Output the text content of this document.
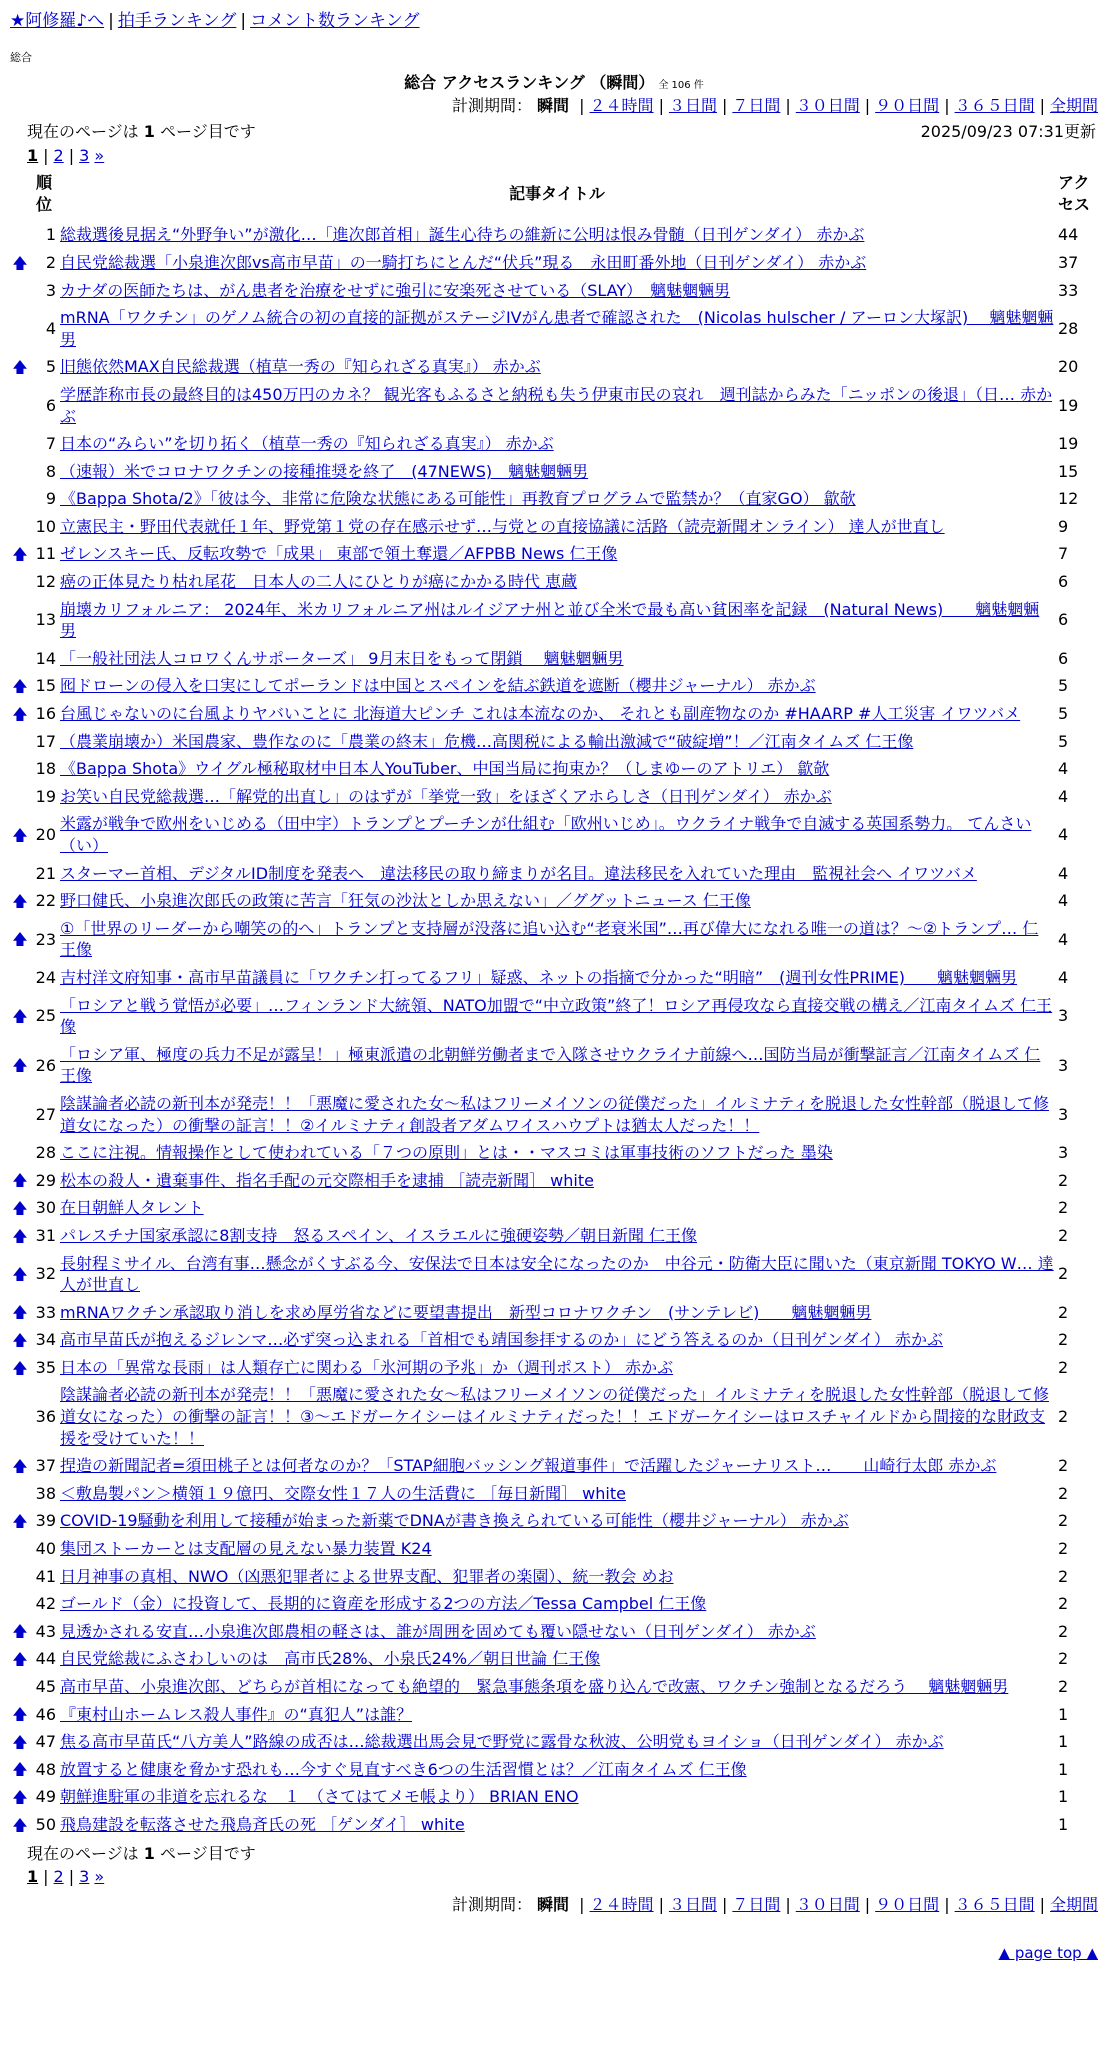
★阿修羅♪へ | 拍手ランキング | コメント数ランキング
総合
総合 アクセスランキング （瞬間） 全 106 件
計測期間： 瞬間 | ２４時間 | ３日間 | ７日間 | ３０日間 | ９０日間 | ３６５日間 | 全期間
現在のページは 1 ページ目です	2025/09/23 07:31更新
1 | 2 | 3 »
	順位	記事タイトル	アクセス
	1	総裁選後見据え“外野争い”が激化…「進次郎首相」誕生心待ちの維新に公明は恨み骨髄（日刊ゲンダイ） 赤かぶ	44
🡅	2	自民党総裁選「小泉進次郎vs高市早苗」の一騎打ちにとんだ“伏兵”現る　永田町番外地（日刊ゲンダイ） 赤かぶ	37
	3	カナダの医師たちは、がん患者を治療をせずに強引に安楽死させている（SLAY）　魑魅魍魎男	33
	4	mRNA「ワクチン」のゲノム統合の初の直接的証拠がステージIVがん患者で確認された　(Nicolas hulscher / アーロン大塚訳)　 魑魅魍魎男	28
🡅	5	旧態依然MAX自民総裁選（植草一秀の『知られざる真実』） 赤かぶ	20
	6	学歴詐称市長の最終目的は450万円のカネ？ 観光客もふるさと納税も失う伊東市民の哀れ　週刊誌からみた「ニッポンの後退」（日… 赤かぶ	19
	7	日本の“みらい”を切り拓く（植草一秀の『知られざる真実』） 赤かぶ	19
	8	（速報）米でコロナワクチンの接種推奨を終了　(47NEWS)　魑魅魍魎男	15
	9	《Bappa Shota/2》「彼は今、非常に危険な状態にある可能性」再教育プログラムで監禁か？（直家GO） 歙欹	12
	10	立憲民主・野田代表就任１年、野党第１党の存在感示せず…与党との直接協議に活路（読売新聞オンライン） 達人が世直し	9
🡅	11	ゼレンスキー氏、反転攻勢で「成果」 東部で領土奪還／AFPBB News 仁王像	7
	12	癌の正体見たり枯れ尾花　日本人の二人にひとりが癌にかかる時代 恵蔵	6
	13	崩壊カリフォルニア： 2024年、米カリフォルニア州はルイジアナ州と並び全米で最も高い貧困率を記録　(Natural News)　　魑魅魍魎男	6
	14	「一般社団法人コロワくんサポーターズ」 9月末日をもって閉鎖　 魑魅魍魎男	6
🡅	15	囮ドローンの侵入を口実にしてポーランドは中国とスペインを結ぶ鉄道を遮断（櫻井ジャーナル） 赤かぶ	5
🡅	16	台風じゃないのに台風よりヤバいことに 北海道大ピンチ これは本流なのか、 それとも副産物なのか #HAARP #人工災害 イワツバメ	5
	17	（農業崩壊か）米国農家、豊作なのに「農業の終末」危機…高関税による輸出激減で“破綻増”！／江南タイムズ 仁王像	5
	18	《Bappa Shota》ウイグル極秘取材中日本人YouTuber、中国当局に拘束か？（しまゆーのアトリエ） 歙欹	4
	19	お笑い自民党総裁選…「解党的出直し」のはずが「挙党一致」をほざくアホらしさ（日刊ゲンダイ） 赤かぶ	4
🡅	20	米露が戦争で欧州をいじめる（田中宇）トランプとプーチンが仕組む「欧州いじめ」。ウクライナ戦争で自滅する英国系勢力。 てんさい（い）	4
	21	スターマー首相、デジタルID制度を発表へ　違法移民の取り締まりが名目。違法移民を入れていた理由　監視社会へ イワツバメ	4
🡅	22	野口健氏、小泉進次郎氏の政策に苦言「狂気の沙汰としか思えない」／ググットニュース 仁王像	4
🡅	23	①「世界のリーダーから嘲笑の的へ」トランプと支持層が没落に追い込む“老衰米国”…再び偉大になれる唯一の道は？～②トランプ… 仁王像	4
	24	吉村洋文府知事・高市早苗議員に「ワクチン打ってるフリ」疑惑、ネットの指摘で分かった“明暗”　(週刊女性PRIME)　　魑魅魍魎男	4
🡅	25	「ロシアと戦う覚悟が必要」…フィンランド大統領、NATO加盟で“中立政策”終了！ロシア再侵攻なら直接交戦の構え／江南タイムズ 仁王像	3
🡅	26	「ロシア軍、極度の兵力不足が露呈！」極東派遣の北朝鮮労働者まで入隊させウクライナ前線へ…国防当局が衝撃証言／江南タイムズ 仁王像	3
	27	陰謀論者必読の新刊本が発売！！「悪魔に愛された女～私はフリーメイソンの従僕だった」イルミナティを脱退した女性幹部（脱退して修道女になった）の衝撃の証言！！②イルミナティ創設者アダムワイスハウプトは猶太人だった！！	3
	28	ここに注視。情報操作として使われている「７つの原則」とは・・マスコミは軍事技術のソフトだった 墨染	3
🡅	29	松本の殺人・遺棄事件、指名手配の元交際相手を逮捕 ［読売新聞］ white	2
🡅	30	在日朝鮮人タレント	2
🡅	31	パレスチナ国家承認に8割支持　怒るスペイン、イスラエルに強硬姿勢／朝日新聞 仁王像	2
🡅	32	長射程ミサイル、台湾有事…懸念がくすぶる今、安保法で日本は安全になったのか　中谷元・防衛大臣に聞いた（東京新聞 TOKYO W… 達人が世直し	2
🡅	33	mRNAワクチン承認取り消しを求め厚労省などに要望書提出　新型コロナワクチン　(サンテレビ)　　魑魅魍魎男	2
🡅	34	高市早苗氏が抱えるジレンマ…必ず突っ込まれる「首相でも靖国参拝するのか」にどう答えるのか（日刊ゲンダイ） 赤かぶ	2
🡅	35	日本の「異常な長雨」は人類存亡に関わる「氷河期の予兆」か（週刊ポスト） 赤かぶ	2
	36	陰謀論者必読の新刊本が発売！！「悪魔に愛された女～私はフリーメイソンの従僕だった」イルミナティを脱退した女性幹部（脱退して修道女になった）の衝撃の証言！！③～エドガーケイシーはイルミナティだった！！エドガーケイシーはロスチャイルドから間接的な財政支援を受けていた！！	2
🡅	37	捏造の新聞記者=須田桃子とは何者なのか？「STAP細胞バッシング報道事件」で活躍したジャーナリスト…　　山崎行太郎 赤かぶ	2
	38	＜敷島製パン＞横領１９億円、交際女性１７人の生活費に ［毎日新聞］ white	2
🡅	39	COVID-19騒動を利用して接種が始まった新薬でDNAが書き換えられている可能性（櫻井ジャーナル） 赤かぶ	2
	40	集団ストーカーとは支配層の見えない暴力装置 K24	2
	41	日月神事の真相、NWO（凶悪犯罪者による世界支配、犯罪者の楽園）、統一教会 めお	2
	42	ゴールド（金）に投資して、長期的に資産を形成する2つの方法／Tessa Campbel 仁王像	2
🡅	43	見透かされる安直…小泉進次郎農相の軽さは、誰が周囲を固めても覆い隠せない（日刊ゲンダイ） 赤かぶ	2
🡅	44	自民党総裁にふさわしいのは　高市氏28%、小泉氏24%／朝日世論 仁王像	2
	45	高市早苗、小泉進次郎、どちらが首相になっても絶望的　緊急事態条項を盛り込んで改憲、ワクチン強制となるだろう　 魑魅魍魎男	2
🡅	46	『東村山ホームレス殺人事件』の“真犯人”は誰？	1
🡅	47	焦る高市早苗氏“八方美人”路線の成否は…総裁選出馬会見で野党に露骨な秋波、公明党もヨイショ（日刊ゲンダイ） 赤かぶ	1
🡅	48	放置すると健康を脅かす恐れも…今すぐ見直すべき6つの生活習慣とは？／江南タイムズ 仁王像	1
🡅	49	朝鮮進駐軍の非道を忘れるな　１　（さてはてメモ帳より） BRIAN ENO	1
🡅	50	飛鳥建設を転落させた飛鳥斉氏の死 ［ゲンダイ］ white	1
現在のページは 1 ページ目です
1 | 2 | 3 »
計測期間： 瞬間 | ２４時間 | ３日間 | ７日間 | ３０日間 | ９０日間 | ３６５日間 | 全期間
▲ page top ▲
